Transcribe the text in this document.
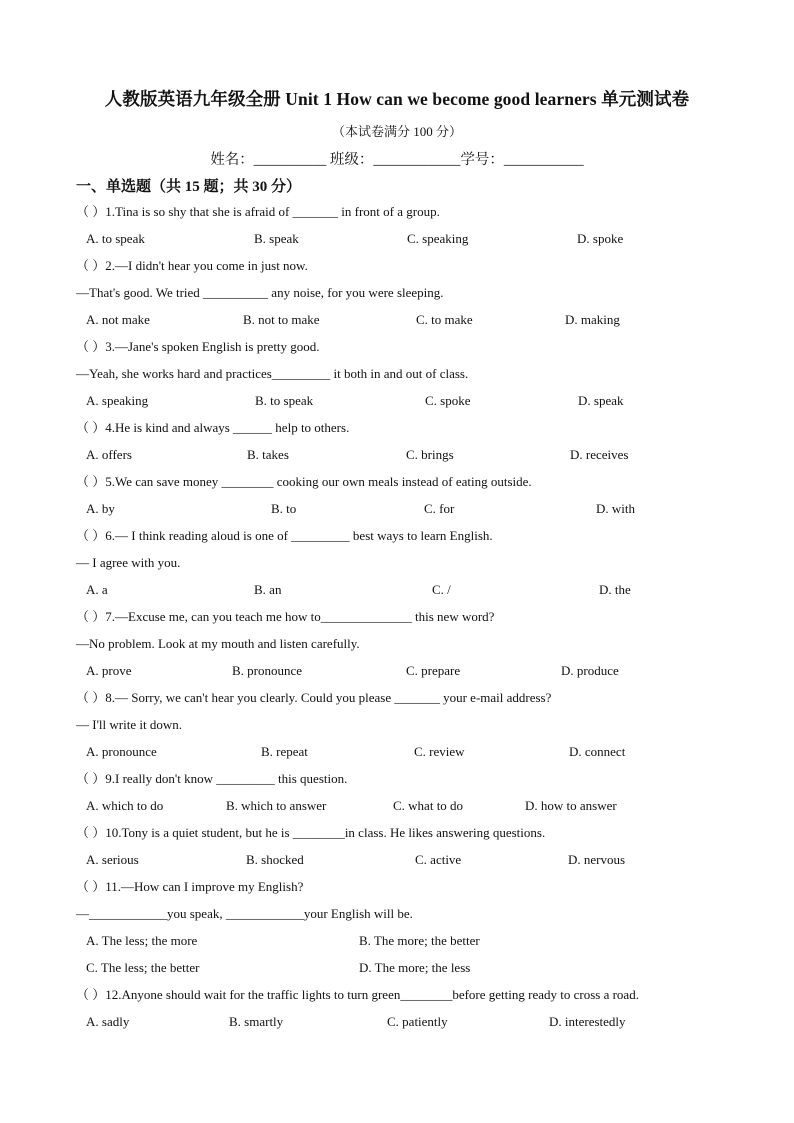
人教版英语九年级全册 Unit 1 How can we become good learners 单元测试卷
（本试卷满分 100 分）
姓名：__________ 班级：____________学号：___________
一、单选题（共 15 题；共 30 分）
（ ）1.Tina is so shy that she is afraid of _______ in front of a group.
A. to speak	B. speak	C. speaking	D. spoke
（ ）2.—I didn't hear you come in just now.
—That's good. We tried __________ any noise, for you were sleeping.
A. not make	B. not to make	C. to make	D. making
（ ）3.—Jane's spoken English is pretty good.
—Yeah, she works hard and practices_________ it both in and out of class.
A. speaking	B. to speak	C. spoke	D. speak
（ ）4.He is kind and always ______ help to others.
A. offers	B. takes	C. brings	D. receives
（ ）5.We can save money ________ cooking our own meals instead of eating outside.
A. by	B. to	C. for	D. with
（ ）6.— I think reading aloud is one of _________ best ways to learn English.
— I agree with you.
A. a	B. an	C. /	D. the
（ ）7.—Excuse me, can you teach me how to______________ this new word?
—No problem. Look at my mouth and listen carefully.
A. prove	B. pronounce	C. prepare	D. produce
（ ）8.— Sorry, we can't hear you clearly. Could you please _______ your e-mail address?
— I'll write it down.
A. pronounce	B. repeat	C. review	D. connect
（ ）9.I really don't know _________ this question.
A. which to do	B. which to answer	C. what to do	D. how to answer
（ ）10.Tony is a quiet student, but he is ________in class. He likes answering questions.
A. serious	B. shocked	C. active	D. nervous
（ ）11.—How can I improve my English?
—____________you speak, ____________your English will be.
A. The less; the more	B. The more; the better
C. The less; the better	D. The more; the less
（ ）12.Anyone should wait for the traffic lights to turn green________before getting ready to cross a road.
A. sadly	B. smartly	C. patiently	D. interestedly
